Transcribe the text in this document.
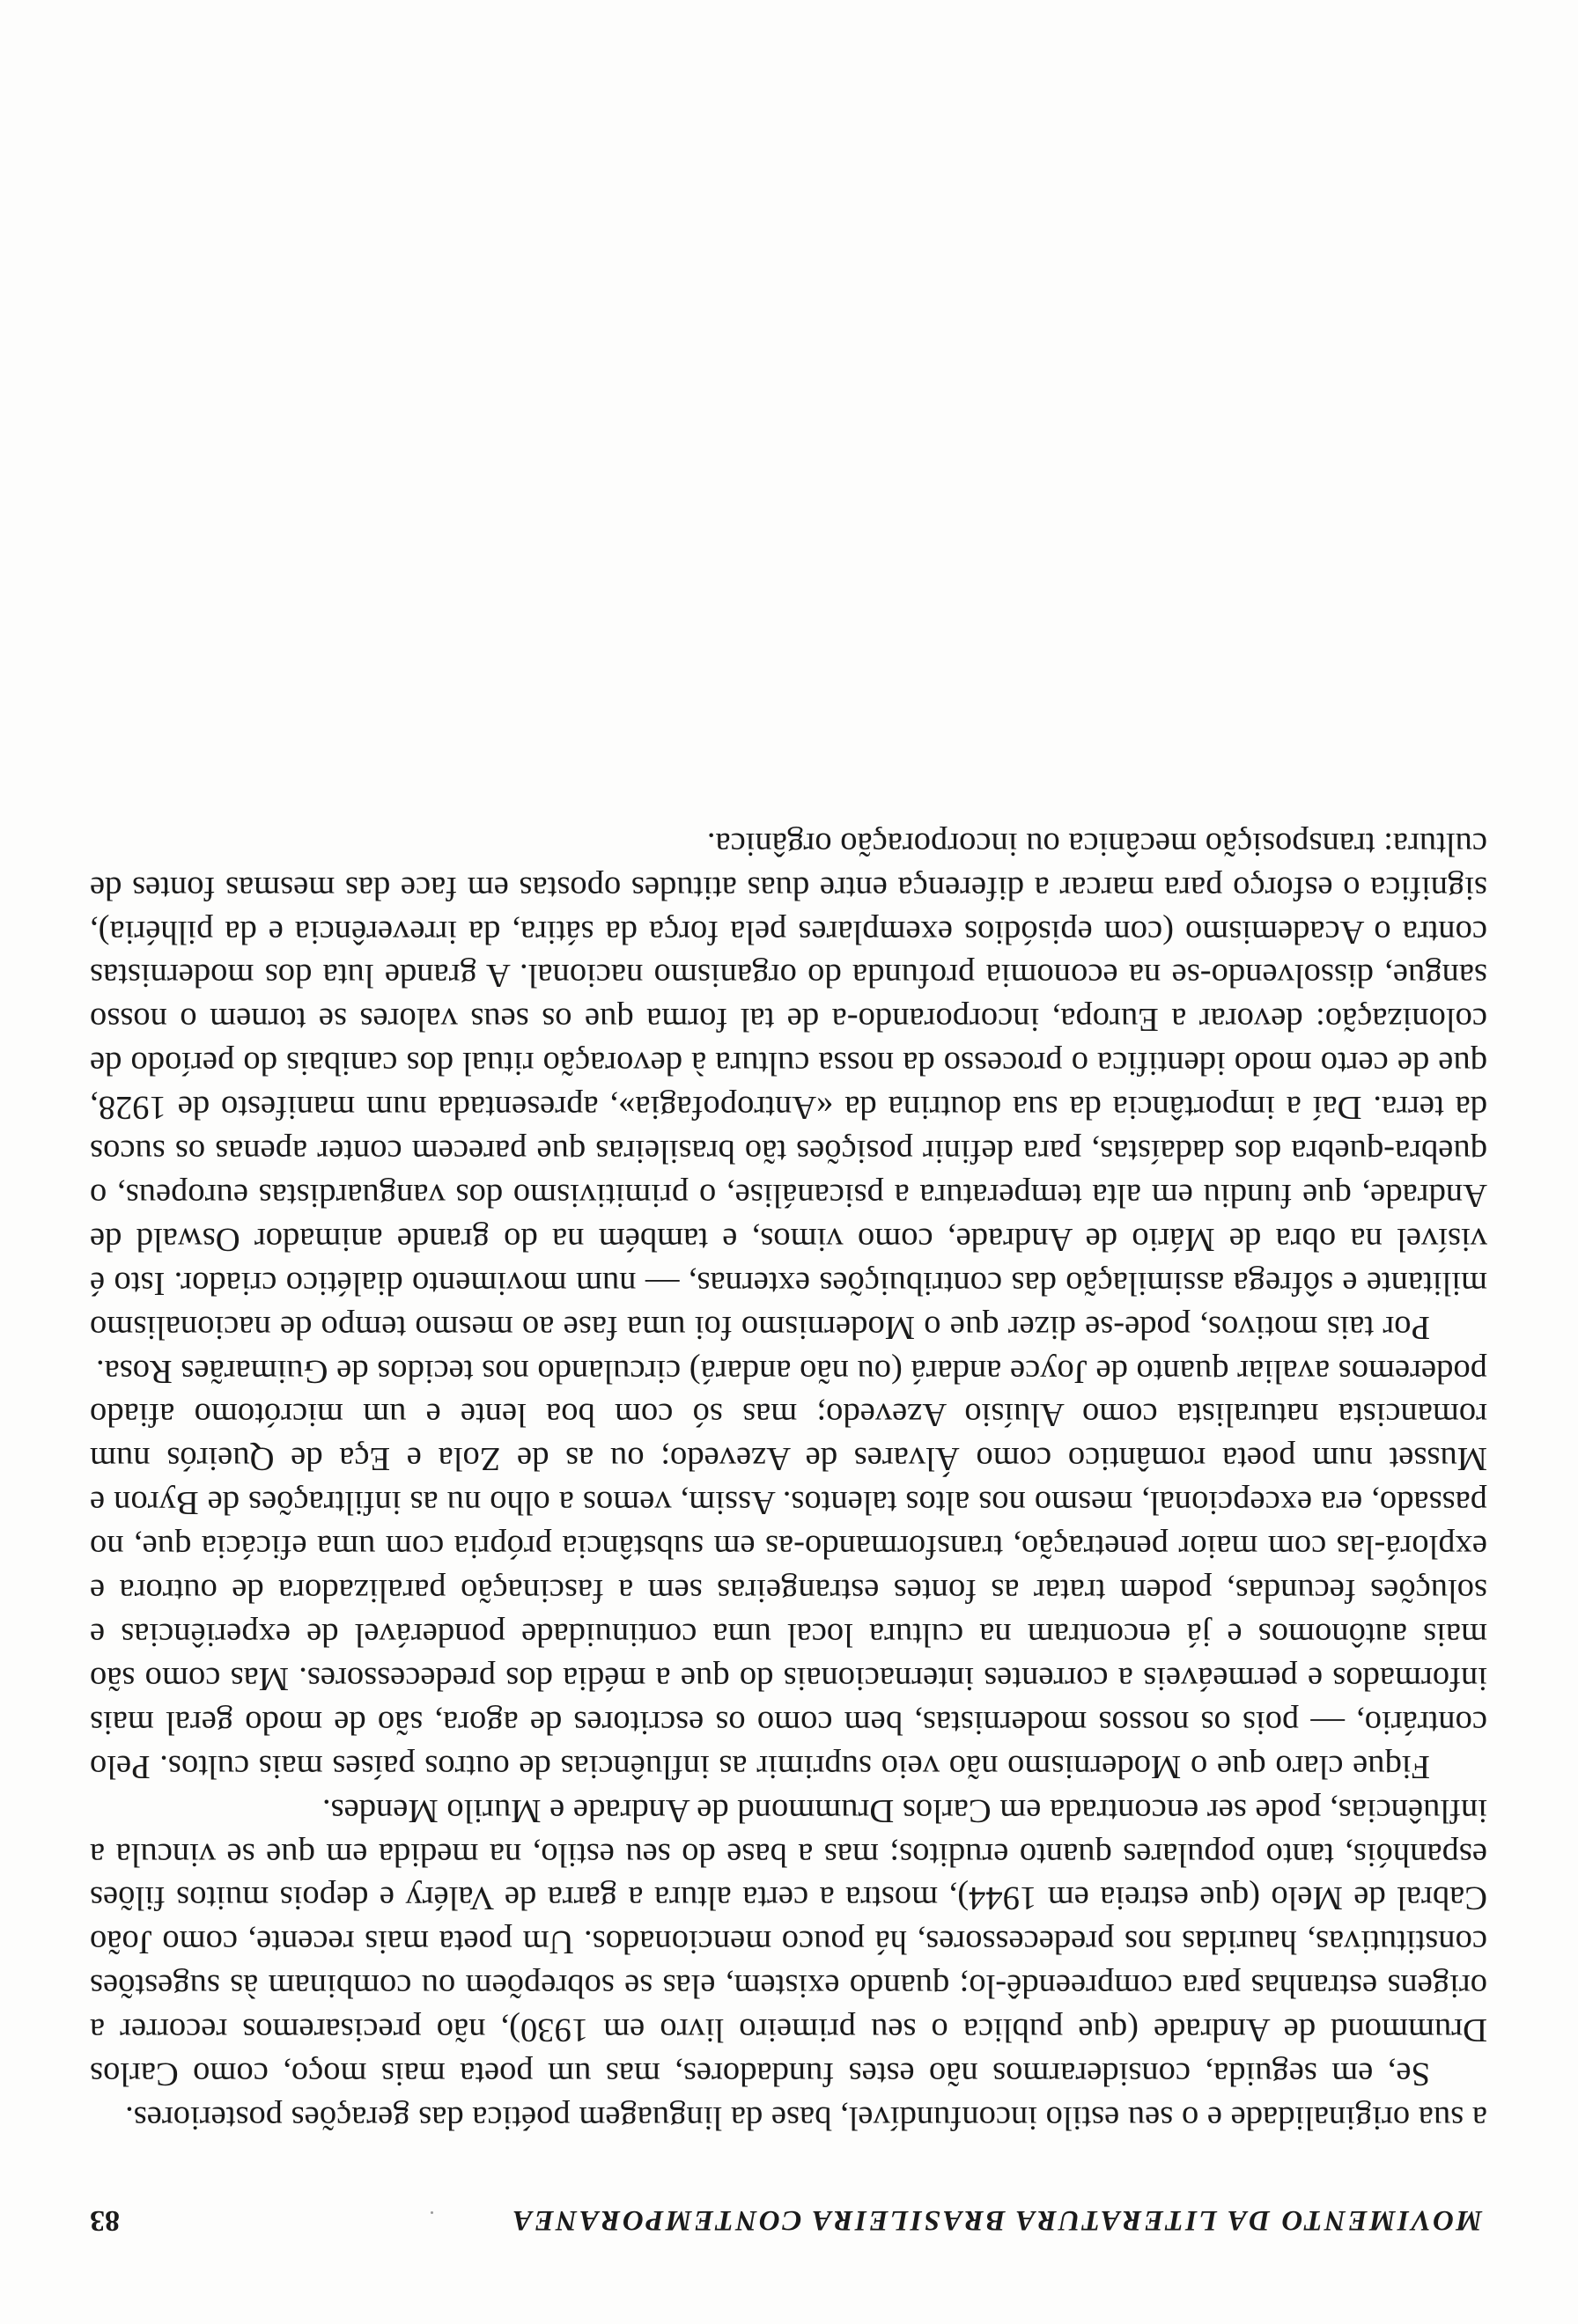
MOVIMENTO DA LITERATURA BRASILEIRA CONTEMPORANEA
83

a sua originalidade e o seu estilo inconfundível, base da linguagem poética das gerações posteriores.

Se, em seguida, considerarmos não estes fundadores, mas um poeta mais moço, como Carlos Drummond de Andrade (que publica o seu primeiro livro em 1930), não precisaremos recorrer a origens estranhas para compreendê-lo; quando existem, elas se sobrepõem ou combinam às sugestões constitutivas, hauridas nos predecessores, há pouco mencionados. Um poeta mais recente, como João Cabral de Melo (que estreia em 1944), mostra a certa altura a garra de Valéry e depois muitos filões espanhóis, tanto populares quanto eruditos; mas a base do seu estilo, na medida em que se vincula a influências, pode ser encontrada em Carlos Drummond de Andrade e Murilo Mendes.

Fique claro que o Modernismo não veio suprimir as influências de outros países mais cultos. Pelo contrário, — pois os nossos modernistas, bem como os escritores de agora, são de modo geral mais informados e permeáveis a correntes internacionais do que a média dos predecessores. Mas como são mais autônomos e já encontram na cultura local uma continuidade ponderável de experiências e soluções fecundas, podem tratar as fontes estrangeiras sem a fascinação paralizadora de outrora e explorá-las com maior penetração, transformando-as em substância própria com uma eficácia que, no passado, era excepcional, mesmo nos altos talentos. Assim, vemos a olho nu as infiltrações de Byron e Musset num poeta romântico como Álvares de Azevedo; ou as de Zola e Eça de Queirós num romancista naturalista como Aluísio Azevedo; mas só com boa lente e um micrótomo afiado poderemos avaliar quanto de Joyce andará (ou não andará) circulando nos tecidos de Guimarães Rosa.

Por tais motivos, pode-se dizer que o Modernismo foi uma fase ao mesmo tempo de nacionalismo militante e sôfrega assimilação das contribuições externas, — num movimento dialético criador. Isto é visível na obra de Mário de Andrade, como vimos, e também na do grande animador Oswald de Andrade, que fundiu em alta temperatura a psicanálise, o primitivismo dos vanguardistas europeus, o quebra-quebra dos dadaístas, para definir posições tão brasileiras que parecem conter apenas os sucos da terra. Daí a importância da sua doutrina da «Antropofagia», apresentada num manifesto de 1928, que de certo modo identifica o processo da nossa cultura à devoração ritual dos canibais do período de colonização: devorar a Europa, incorporando-a de tal forma que os seus valores se tornem o nosso sangue, dissolvendo-se na economia profunda do organismo nacional. A grande luta dos modernistas contra o Academismo (com episódios exemplares pela força da sátira, da irreverência e da pilhéria), significa o esforço para marcar a diferença entre duas atitudes opostas em face das mesmas fontes de cultura: transposição mecânica ou incorporação orgânica.
